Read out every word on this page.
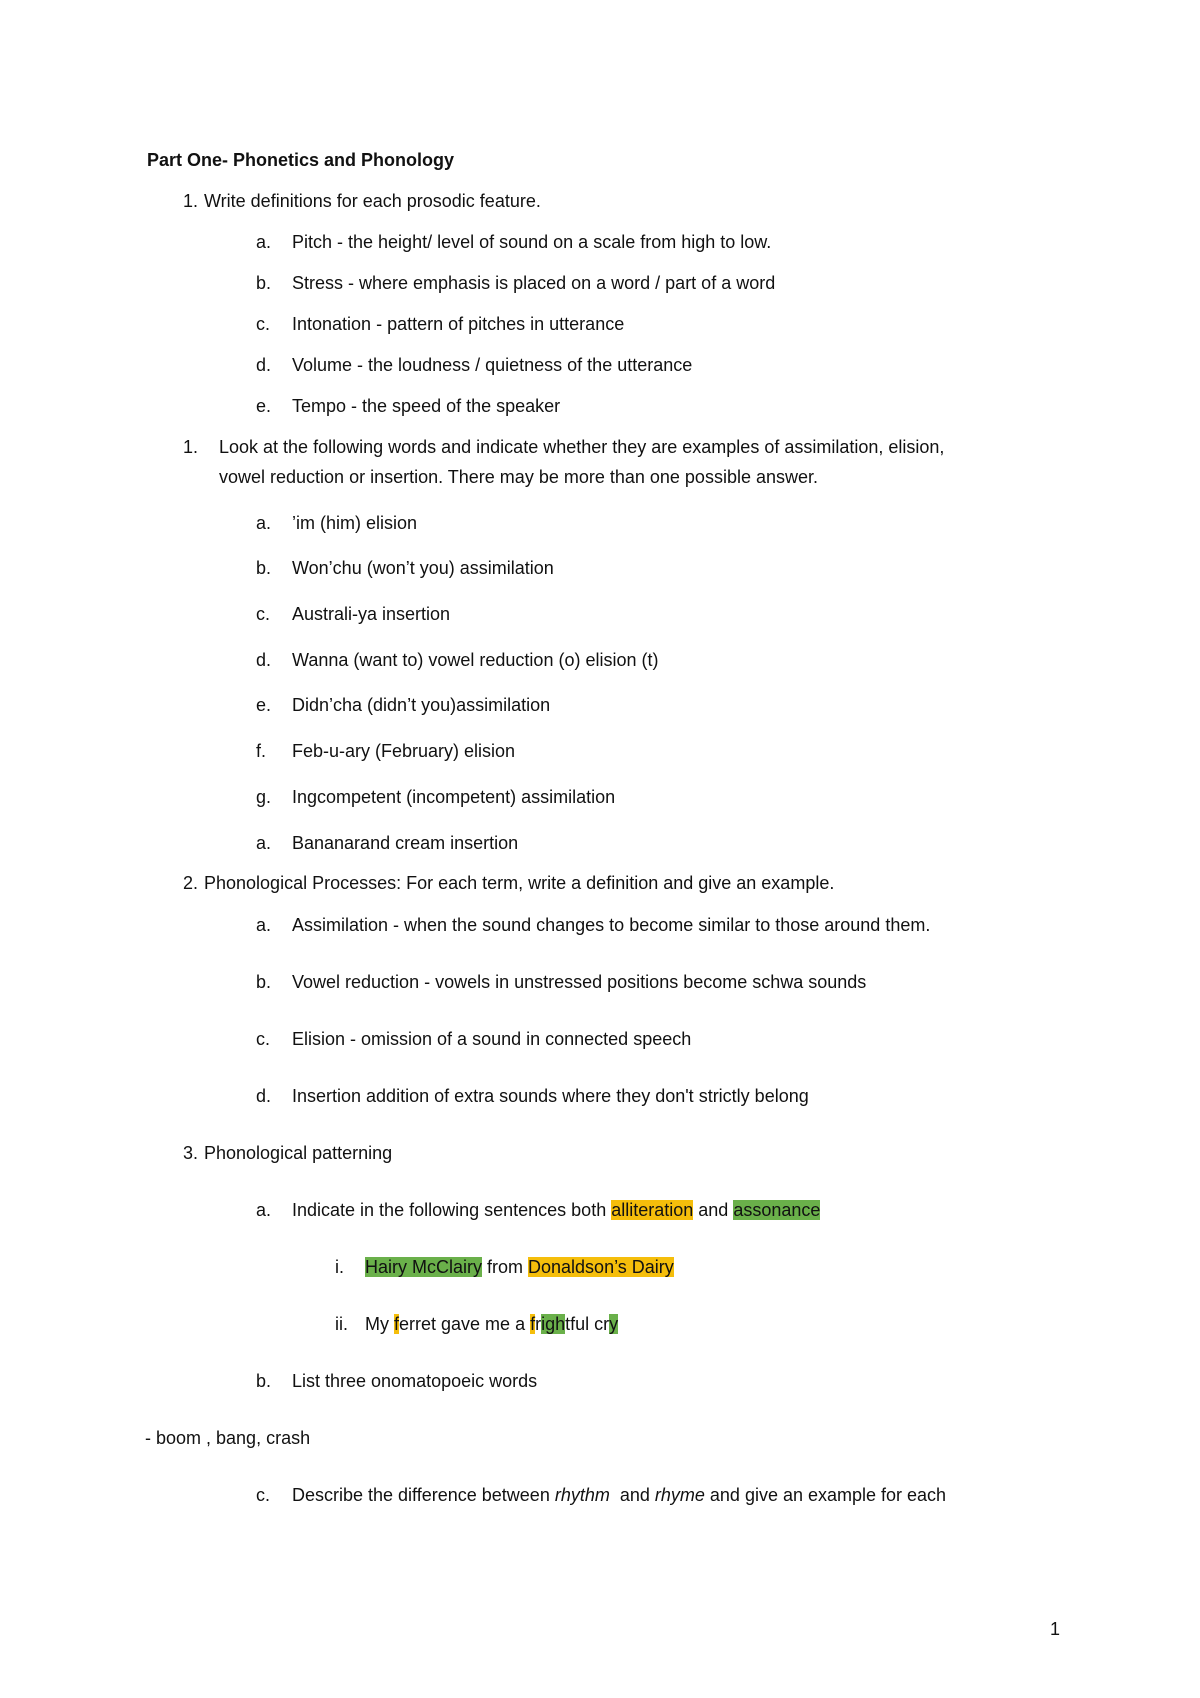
Part One- Phonetics and Phonology
1. Write definitions for each prosodic feature.
a. Pitch - the height/ level of sound on a scale from high to low.
b. Stress - where emphasis is placed on a word / part of a word
c. Intonation - pattern of pitches in utterance
d. Volume - the loudness / quietness of the utterance
e. Tempo - the speed of the speaker
1. Look at the following words and indicate whether they are examples of assimilation, elision,
vowel reduction or insertion. There may be more than one possible answer.
a. ’im (him) elision
b. Won’chu (won’t you) assimilation
c. Australi-ya insertion
d. Wanna (want to) vowel reduction (o) elision (t)
e. Didn’cha (didn’t you)assimilation
f. Feb-u-ary (February) elision
g. Ingcompetent (incompetent) assimilation
a. Bananarand cream insertion
2. Phonological Processes: For each term, write a definition and give an example.
a. Assimilation - when the sound changes to become similar to those around them.
b. Vowel reduction - vowels in unstressed positions become schwa sounds
c. Elision - omission of a sound in connected speech
d. Insertion addition of extra sounds where they don't strictly belong
3. Phonological patterning
a. Indicate in the following sentences both alliteration and assonance
i. Hairy McClairy from Donaldson’s Dairy
ii. My ferret gave me a frightful cry
b. List three onomatopoeic words
- boom , bang, crash
c. Describe the difference between rhythm  and rhyme and give an example for each
1
